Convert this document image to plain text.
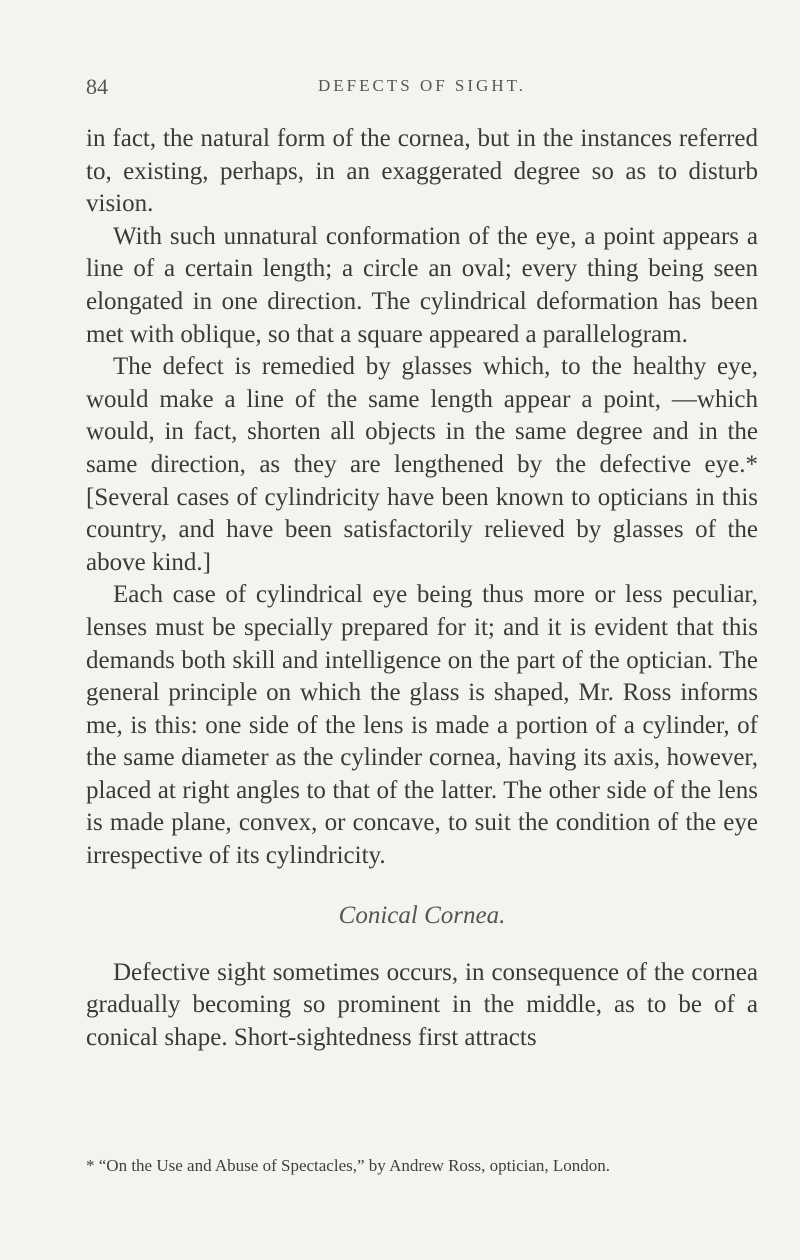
84	DEFECTS OF SIGHT.

in fact, the natural form of the cornea, but in the instances referred to, existing, perhaps, in an exaggerated degree so as to disturb vision.

With such unnatural conformation of the eye, a point appears a line of a certain length; a circle an oval; every thing being seen elongated in one direction. The cylindrical deformation has been met with oblique, so that a square appeared a parallelogram.

The defect is remedied by glasses which, to the healthy eye, would make a line of the same length appear a point, —which would, in fact, shorten all objects in the same degree and in the same direction, as they are lengthened by the defective eye.* [Several cases of cylindricity have been known to opticians in this country, and have been satisfactorily relieved by glasses of the above kind.]

Each case of cylindrical eye being thus more or less peculiar, lenses must be specially prepared for it; and it is evident that this demands both skill and intelligence on the part of the optician. The general principle on which the glass is shaped, Mr. Ross informs me, is this: one side of the lens is made a portion of a cylinder, of the same diameter as the cylinder cornea, having its axis, however, placed at right angles to that of the latter. The other side of the lens is made plane, convex, or concave, to suit the condition of the eye irrespective of its cylindricity.

Conical Cornea.

Defective sight sometimes occurs, in consequence of the cornea gradually becoming so prominent in the middle, as to be of a conical shape. Short-sightedness first attracts

* “On the Use and Abuse of Spectacles,” by Andrew Ross, optician, London.
